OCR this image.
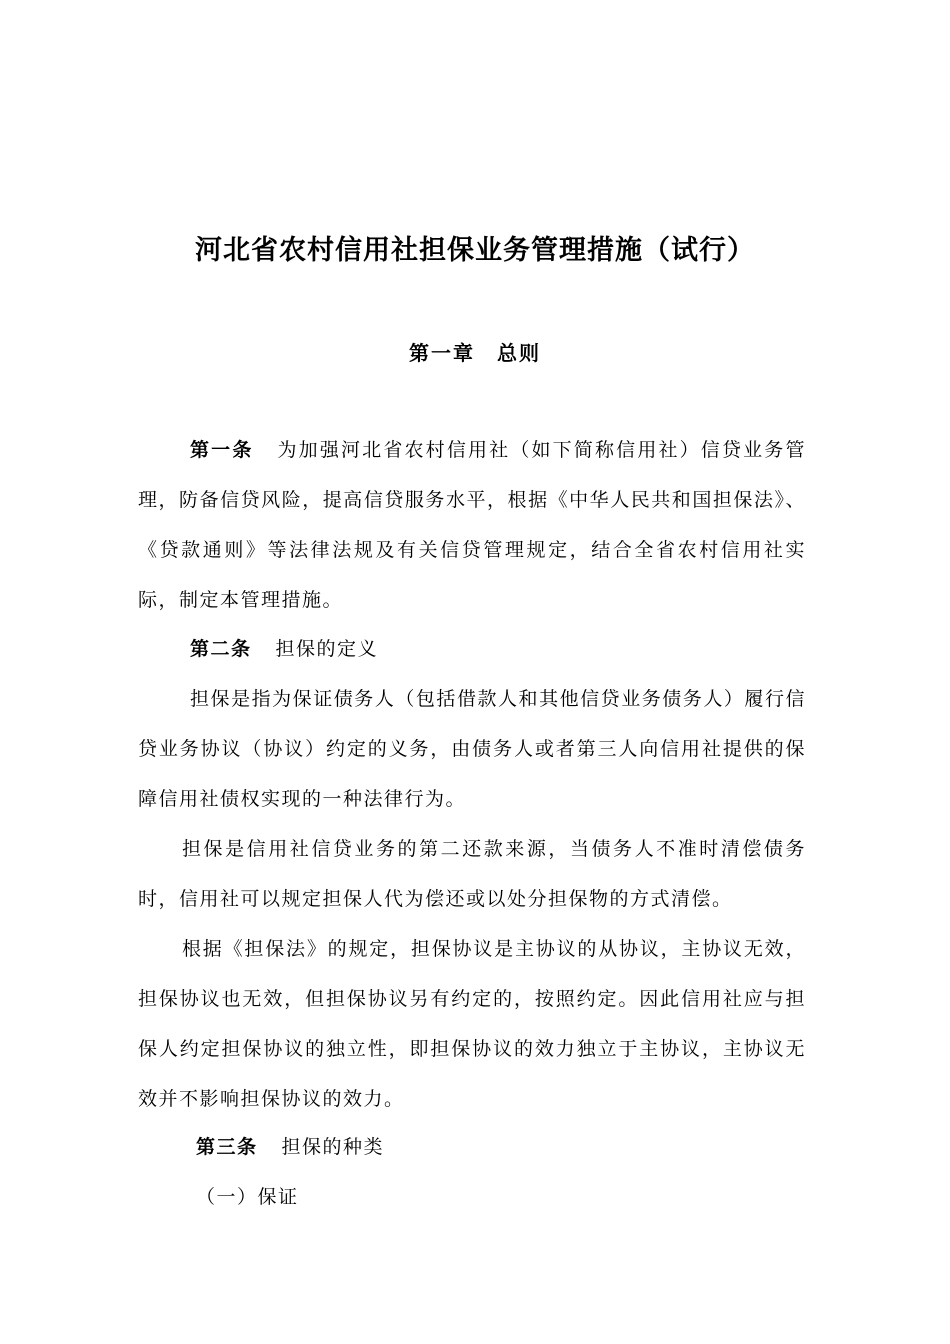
河北省农村信用社担保业务管理措施（试行）
第一章　总则

第一条 为加强河北省农村信用社（如下简称信用社）信贷业务管理，防备信贷风险，提高信贷服务水平，根据《中华人民共和国担保法》、《贷款通则》等法律法规及有关信贷管理规定，结合全省农村信用社实际，制定本管理措施。

第二条 担保的定义

担保是指为保证债务人（包括借款人和其他信贷业务债务人）履行信贷业务协议（协议）约定的义务，由债务人或者第三人向信用社提供的保障信用社债权实现的一种法律行为。

担保是信用社信贷业务的第二还款来源，当债务人不准时清偿债务时，信用社可以规定担保人代为偿还或以处分担保物的方式清偿。

根据《担保法》的规定，担保协议是主协议的从协议，主协议无效，担保协议也无效，但担保协议另有约定的，按照约定。因此信用社应与担保人约定担保协议的独立性，即担保协议的效力独立于主协议，主协议无效并不影响担保协议的效力。

第三条 担保的种类

（一）保证
